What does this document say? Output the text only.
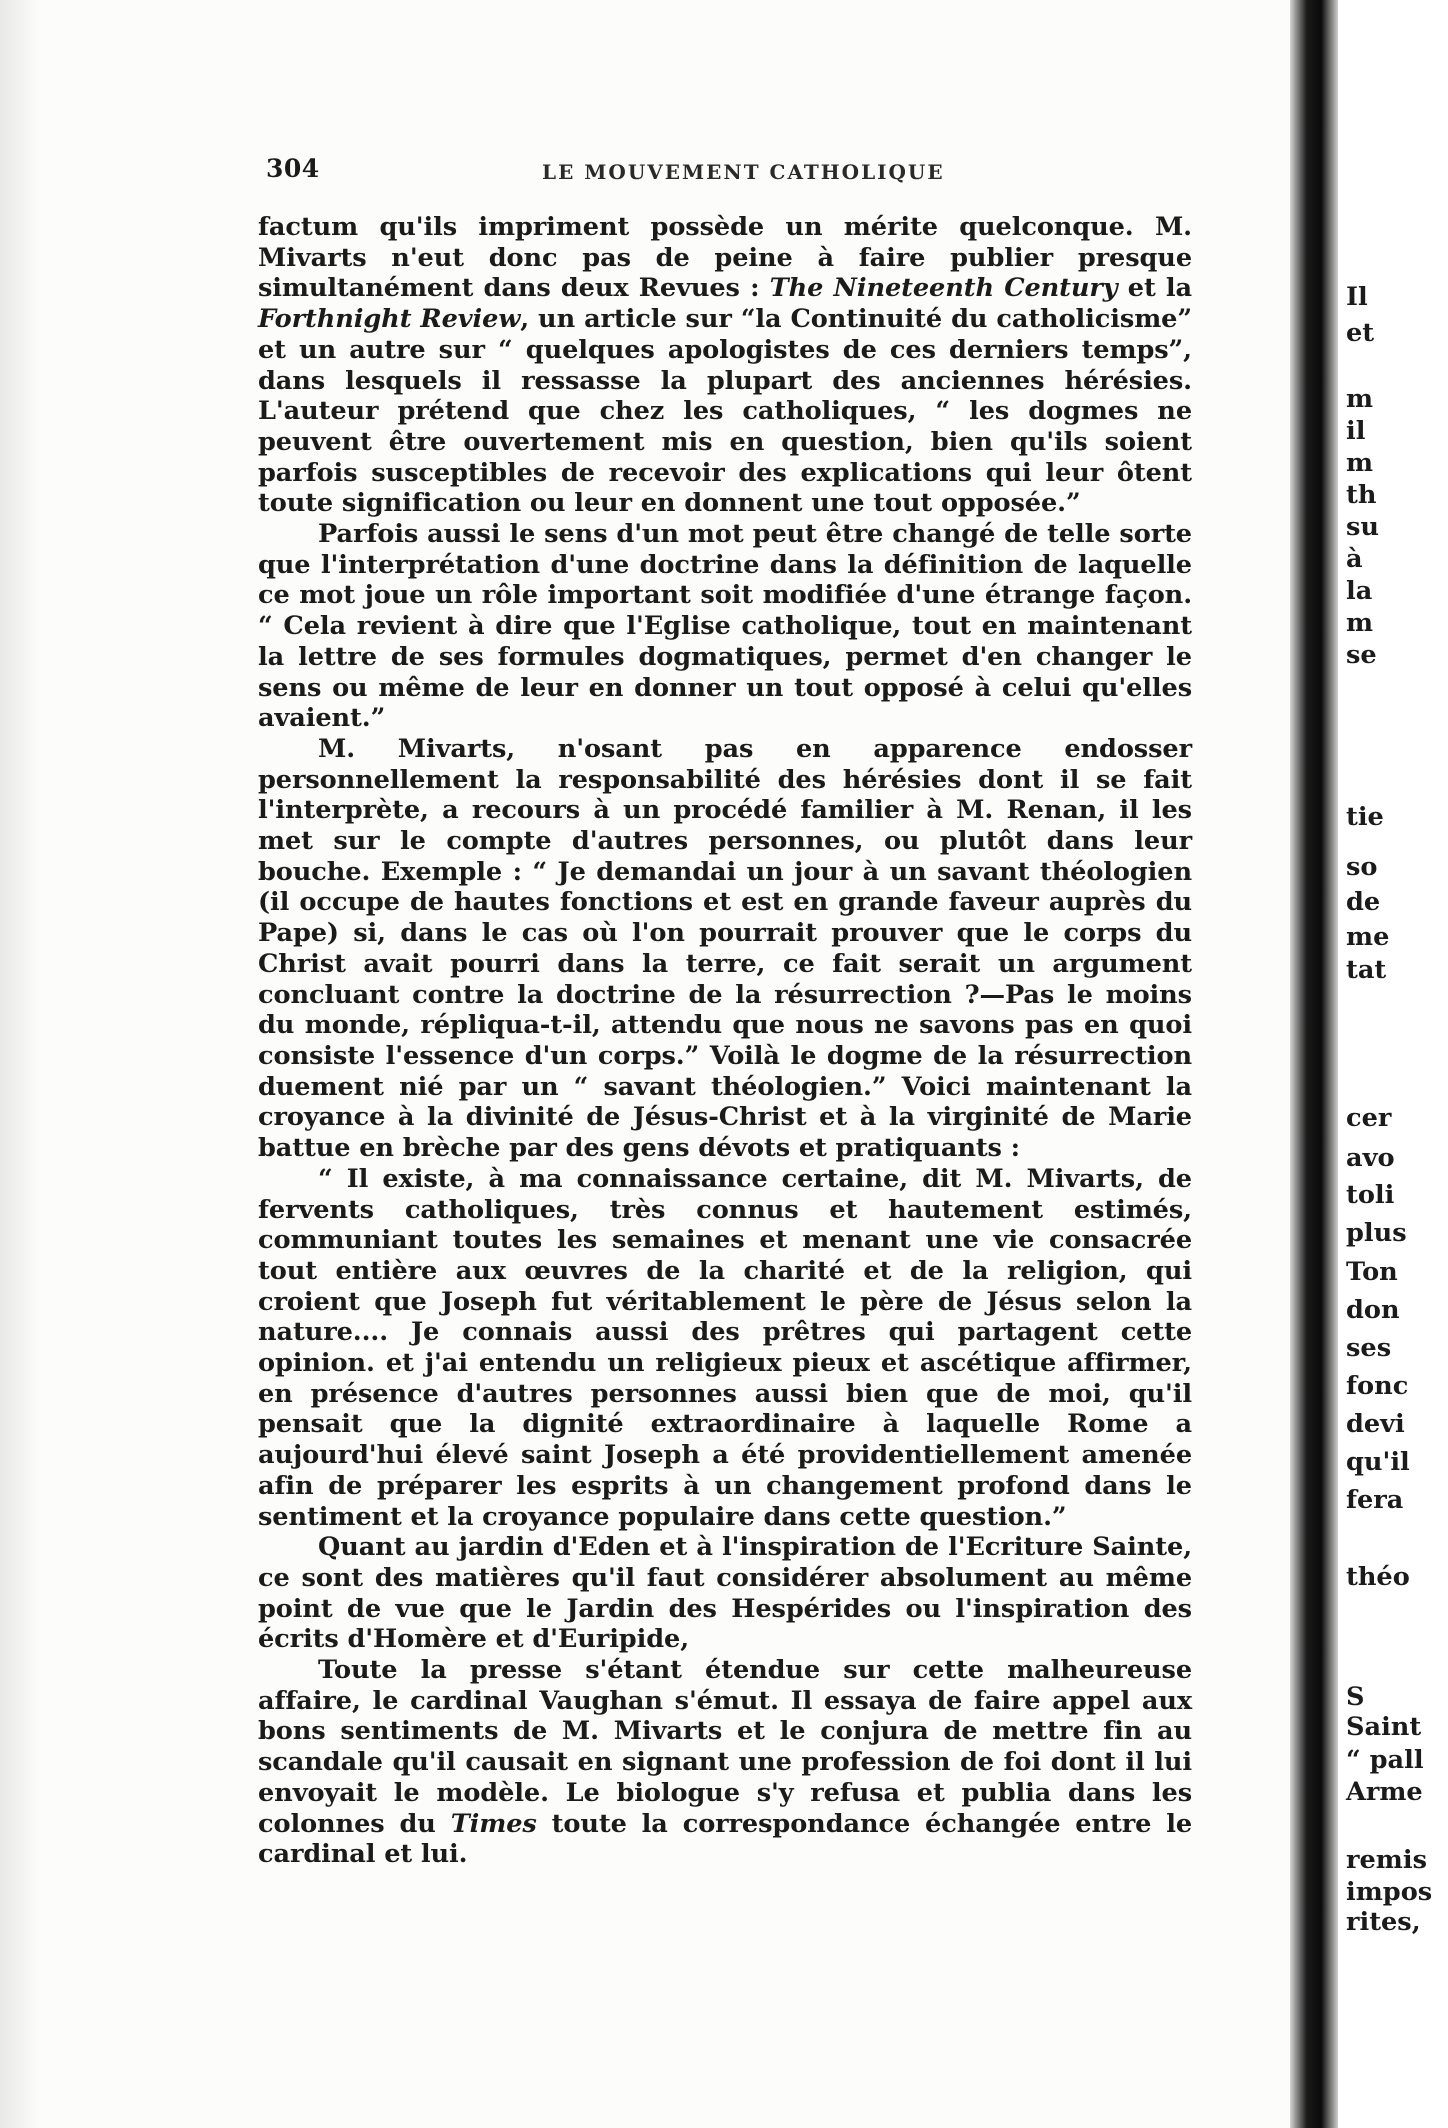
304	LE MOUVEMENT CATHOLIQUE

factum qu'ils impriment possède un mérite quelconque. M. Mivarts n'eut donc pas de peine à faire publier presque simultanément dans deux Revues : The Nineteenth Century et la Forthnight Review, un article sur “la Continuité du catholicisme” et un autre sur “ quelques apologistes de ces derniers temps”, dans lesquels il ressasse la plupart des anciennes hérésies. L'auteur prétend que chez les catholiques, “ les dogmes ne peuvent être ouvertement mis en question, bien qu'ils soient parfois susceptibles de recevoir des explications qui leur ôtent toute signification ou leur en donnent une tout opposée.”

Parfois aussi le sens d'un mot peut être changé de telle sorte que l'interprétation d'une doctrine dans la définition de laquelle ce mot joue un rôle important soit modifiée d'une étrange façon. “ Cela revient à dire que l'Eglise catholique, tout en maintenant la lettre de ses formules dogmatiques, permet d'en changer le sens ou même de leur en donner un tout opposé à celui qu'elles avaient.”

M. Mivarts, n'osant pas en apparence endosser personnellement la responsabilité des hérésies dont il se fait l'interprète, a recours à un procédé familier à M. Renan, il les met sur le compte d'autres personnes, ou plutôt dans leur bouche. Exemple : “ Je demandai un jour à un savant théologien (il occupe de hautes fonctions et est en grande faveur auprès du Pape) si, dans le cas où l'on pourrait prouver que le corps du Christ avait pourri dans la terre, ce fait serait un argument concluant contre la doctrine de la résurrection ?—Pas le moins du monde, répliqua-t-il, attendu que nous ne savons pas en quoi consiste l'essence d'un corps.” Voilà le dogme de la résurrection duement nié par un “ savant théologien.” Voici maintenant la croyance à la divinité de Jésus-Christ et à la virginité de Marie battue en brèche par des gens dévots et pratiquants :

“ Il existe, à ma connaissance certaine, dit M. Mivarts, de fervents catholiques, très connus et hautement estimés, communiant toutes les semaines et menant une vie consacrée tout entière aux œuvres de la charité et de la religion, qui croient que Joseph fut véritablement le père de Jésus selon la nature.... Je connais aussi des prêtres qui partagent cette opinion. et j'ai entendu un religieux pieux et ascétique affirmer, en présence d'autres personnes aussi bien que de moi, qu'il pensait que la dignité extraordinaire à laquelle Rome a aujourd'hui élevé saint Joseph a été providentiellement amenée afin de préparer les esprits à un changement profond dans le sentiment et la croyance populaire dans cette question.”

Quant au jardin d'Eden et à l'inspiration de l'Ecriture Sainte, ce sont des matières qu'il faut considérer absolument au même point de vue que le Jardin des Hespérides ou l'inspiration des écrits d'Homère et d'Euripide,

Toute la presse s'étant étendue sur cette malheureuse affaire, le cardinal Vaughan s'émut. Il essaya de faire appel aux bons sentiments de M. Mivarts et le conjura de mettre fin au scandale qu'il causait en signant une profession de foi dont il lui envoyait le modèle. Le biologue s'y refusa et publia dans les colonnes du Times toute la correspondance échangée entre le cardinal et lui.

Il
et
m
il
m
th
su
à
la
m
se
tie
so
de
me
tat
cer
avo
toli
plus
Ton
don
ses
fonc
devi
qu'il
fera
théo
S
Saint
“ pall
Arme
remis
impos
rites,
